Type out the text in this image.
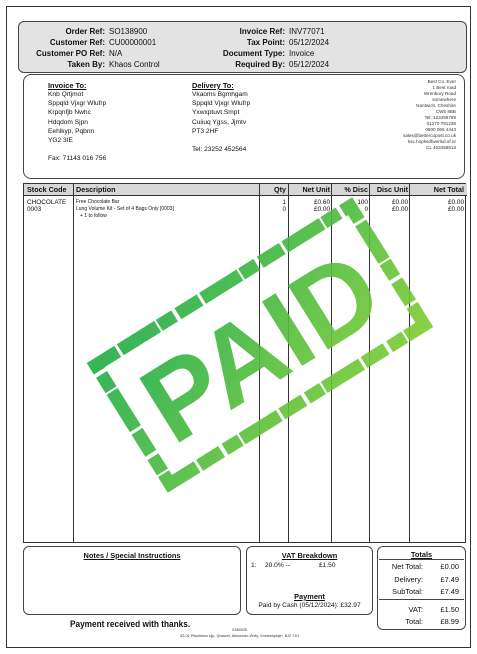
Order Ref: SO138900
Customer Ref: CU00000001
Customer PO Ref: N/A
Taken By: Khaos Control
Invoice Ref: INV77071
Tax Point: 05/12/2024
Document Type: Invoice
Required By: 05/12/2024
Invoice To:
Knb Qrtjmot
Sppqld Vjxgr Wlufrp
Krpqnfjb Nwhc
Hdqdom Sjpn
Eehlkyp, Pqbnn
YG2 3IE
Fax: 71143 016 756
Delivery To:
Vkaoms Bgmhgam
Sppqld Vjxgr Wlufrp
Yxwxptuvt Smpt
Cuiiuq Ygss, Jjmtv
PT3 2HF
Tel: 23252 452564
Best Co. Ever
1 Best road
Wrenbury Road
somewhere
Nantwich, Cheshire
CW5 8BB
Tel: 123456789
01270 781238
0800 066 4443
sales@bettercopost.co.uk
ksc.hopksdfwerlsd.of.nr
CL 463456613
Stock Code Description	Qty	Net Unit	% Disc	Disc Unit	Net Total
CHOCOLATE Free Chocolate Bar	1	£0.60	100	£0.00	£0.00
0003	Lung Volume Kit - Set of 4 Bags Only [0003]	0	£0.00	0	£0.00	£0.00
+ 1 to follow
Notes / Special Instructions	VAT Breakdown
1: 20.0% --	£1.50
Payment
Paid by Cash (05/12/2024): £32.97
Totals
Net Total: £0.00
Delivery: £7.49
SubTotal: £7.49
VAT: £1.50
Total: £8.99
Payment received with thanks.	0346535
42-01 Pfwchkwo kjjc, Qhacrel, Akwmndo-Wxfy, Vmhermplqfn, BJ2 7JU
PAID
